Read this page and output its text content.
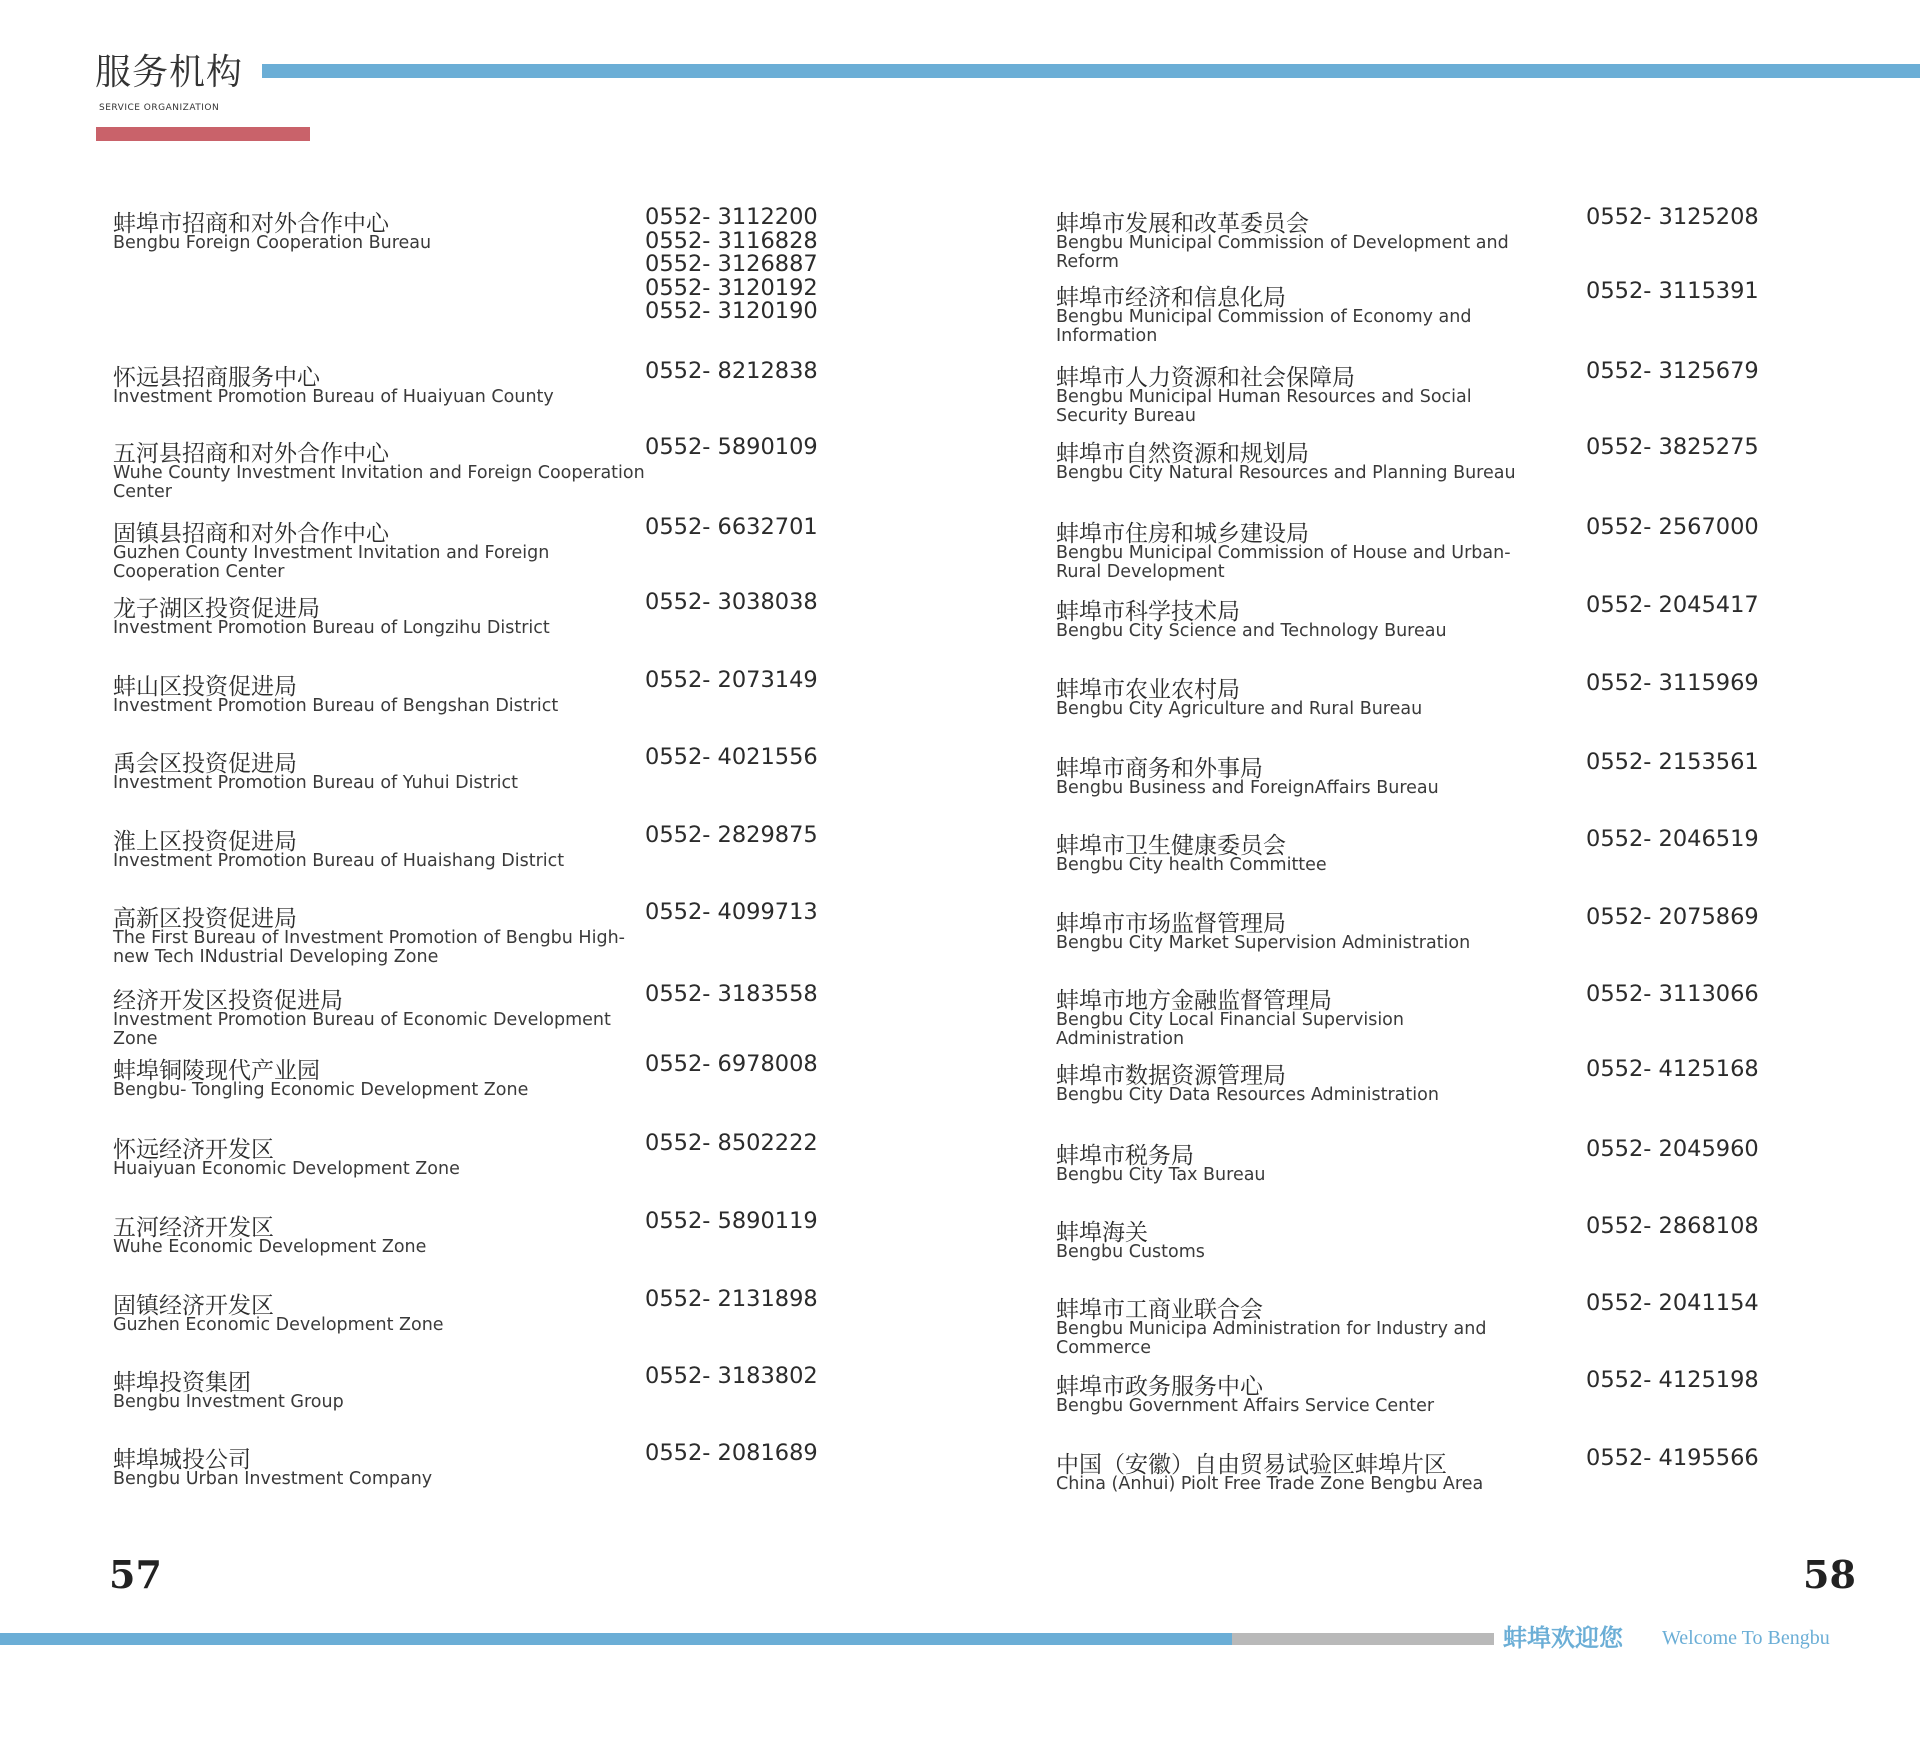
服务机构
SERVICE ORGANIZATION
蚌埠市招商和对外合作中心
Bengbu Foreign Cooperation Bureau
0552- 3112200
0552- 3116828
0552- 3126887
0552- 3120192
0552- 3120190
怀远县招商服务中心
Investment Promotion Bureau of Huaiyuan County
0552- 8212838
五河县招商和对外合作中心
Wuhe County Investment Invitation and Foreign Cooperation Center
0552- 5890109
固镇县招商和对外合作中心
Guzhen County Investment Invitation and Foreign Cooperation Center
0552- 6632701
龙子湖区投资促进局
Investment Promotion Bureau of Longzihu District
0552- 3038038
蚌山区投资促进局
Investment Promotion Bureau of Bengshan District
0552- 2073149
禹会区投资促进局
Investment Promotion Bureau of Yuhui District
0552- 4021556
淮上区投资促进局
Investment Promotion Bureau of Huaishang District
0552- 2829875
高新区投资促进局
The First Bureau of Investment Promotion of Bengbu High-new Tech INdustrial Developing Zone
0552- 4099713
经济开发区投资促进局
Investment Promotion Bureau of Economic Development Zone
0552- 3183558
蚌埠铜陵现代产业园
Bengbu- Tongling Economic Development Zone
0552- 6978008
怀远经济开发区
Huaiyuan Economic Development Zone
0552- 8502222
五河经济开发区
Wuhe Economic Development Zone
0552- 5890119
固镇经济开发区
Guzhen Economic Development Zone
0552- 2131898
蚌埠投资集团
Bengbu Investment Group
0552- 3183802
蚌埠城投公司
Bengbu Urban Investment Company
0552- 2081689
蚌埠市发展和改革委员会
Bengbu Municipal Commission of Development and Reform
0552- 3125208
蚌埠市经济和信息化局
Bengbu Municipal Commission of Economy and Information
0552- 3115391
蚌埠市人力资源和社会保障局
Bengbu Municipal Human Resources and Social Security Bureau
0552- 3125679
蚌埠市自然资源和规划局
Bengbu City Natural Resources and Planning Bureau
0552- 3825275
蚌埠市住房和城乡建设局
Bengbu Municipal Commission of House and Urban-Rural Development
0552- 2567000
蚌埠市科学技术局
Bengbu City Science and Technology Bureau
0552- 2045417
蚌埠市农业农村局
Bengbu City Agriculture and Rural Bureau
0552- 3115969
蚌埠市商务和外事局
Bengbu Business and ForeignAffairs Bureau
0552- 2153561
蚌埠市卫生健康委员会
Bengbu City health Committee
0552- 2046519
蚌埠市市场监督管理局
Bengbu City Market Supervision Administration
0552- 2075869
蚌埠市地方金融监督管理局
Bengbu City Local Financial Supervision Administration
0552- 3113066
蚌埠市数据资源管理局
Bengbu City Data Resources Administration
0552- 4125168
蚌埠市税务局
Bengbu City Tax Bureau
0552- 2045960
蚌埠海关
Bengbu Customs
0552- 2868108
蚌埠市工商业联合会
Bengbu Municipa Administration for Industry and Commerce
0552- 2041154
蚌埠市政务服务中心
Bengbu Government Affairs Service Center
0552- 4125198
中国（安徽）自由贸易试验区蚌埠片区
China (Anhui) Piolt Free Trade Zone Bengbu Area
0552- 4195566
57	58
蚌埠欢迎您 Welcome To Bengbu
